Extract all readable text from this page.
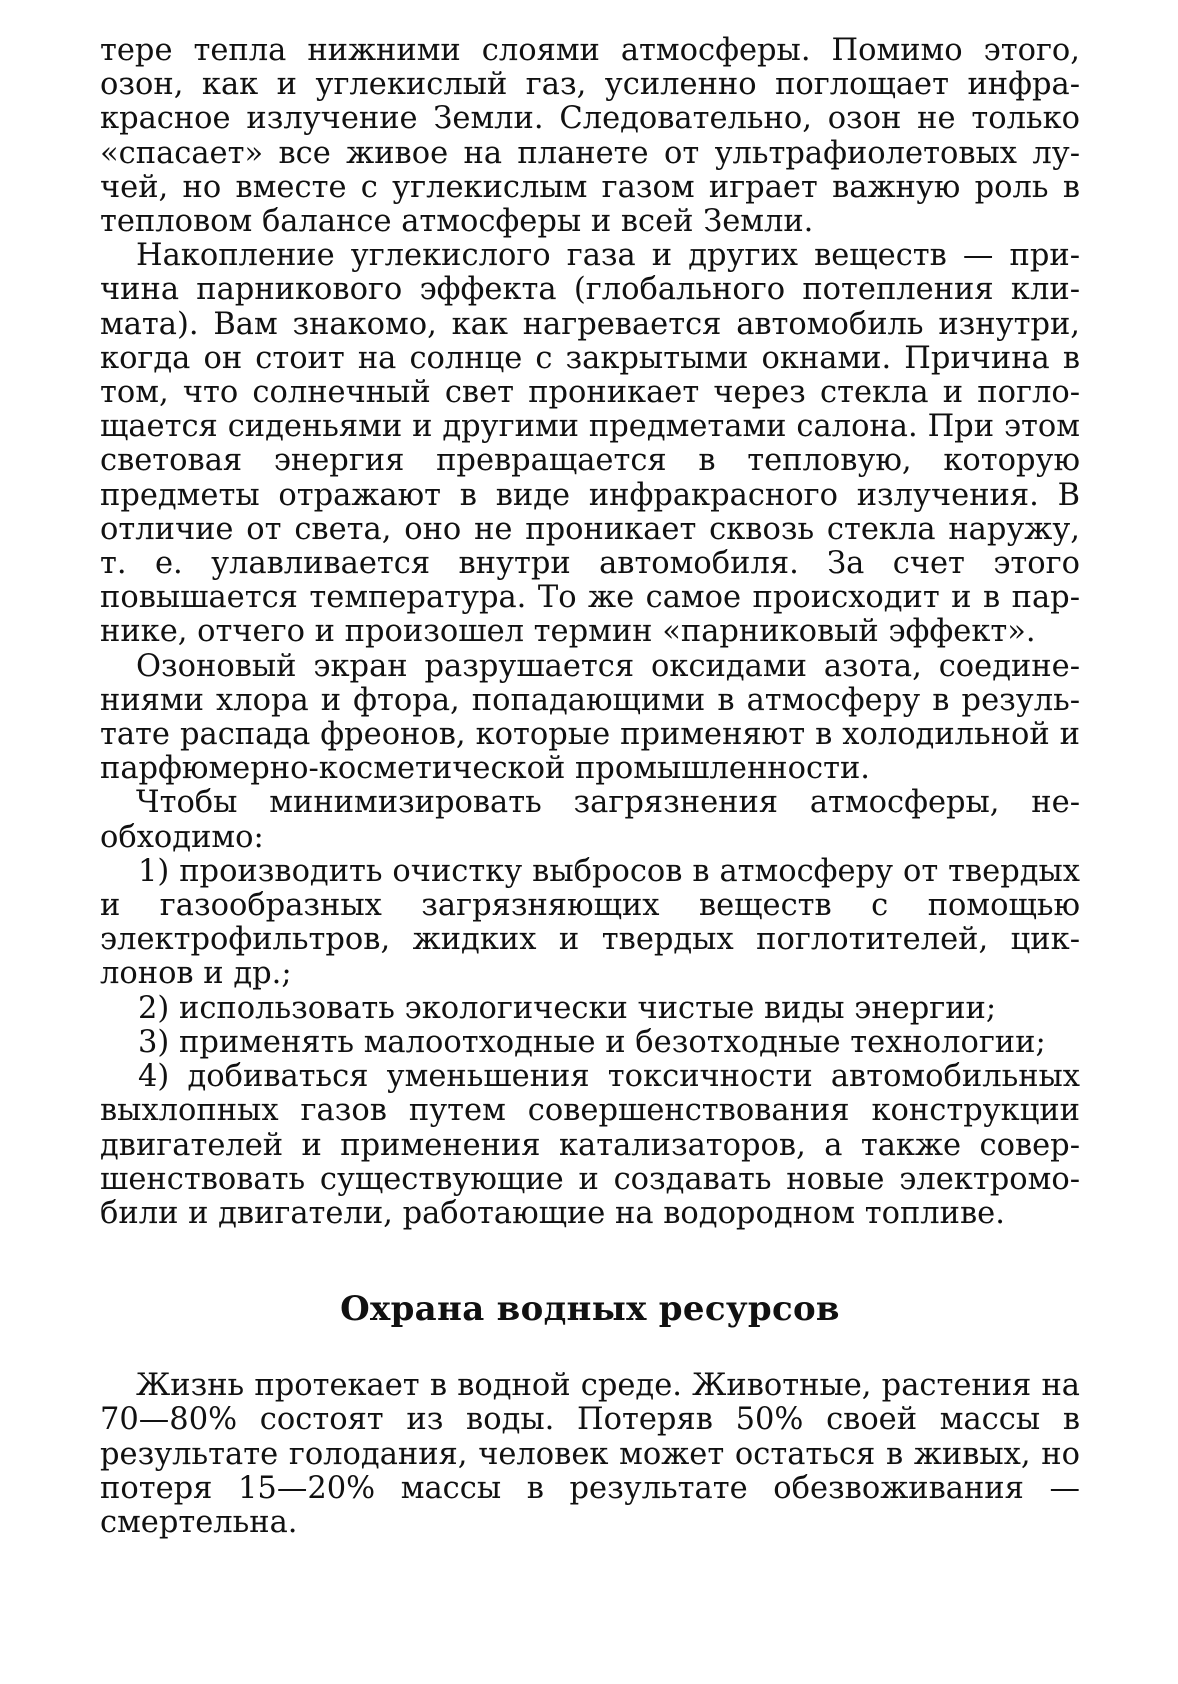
тере тепла нижними слоями атмосферы. Помимо этого, озон, как и углекислый газ, усиленно поглощает инфракрасное излучение Земли. Следовательно, озон не только «спасает» все живое на планете от ультрафиолетовых лучей, но вместе с углекислым газом играет важную роль в тепловом балансе атмосферы и всей Земли.

Накопление углекислого газа и других веществ — причина парникового эффекта (глобального потепления климата). Вам знакомо, как нагревается автомобиль изнутри, когда он стоит на солнце с закрытыми окнами. Причина в том, что солнечный свет проникает через стекла и поглощается сиденьями и другими предметами салона. При этом световая энергия превращается в тепловую, которую предметы отражают в виде инфракрасного излучения. В отличие от света, оно не проникает сквозь стекла наружу, т. е. улавливается внутри автомобиля. За счет этого повышается температура. То же самое происходит и в парнике, отчего и произошел термин «парниковый эффект».

Озоновый экран разрушается оксидами азота, соединениями хлора и фтора, попадающими в атмосферу в результате распада фреонов, которые применяют в холодильной и парфюмерно-косметической промышленности.

Чтобы минимизировать загрязнения атмосферы, необходимо:

1) производить очистку выбросов в атмосферу от твердых и газообразных загрязняющих веществ с помощью электрофильтров, жидких и твердых поглотителей, циклонов и др.;

2) использовать экологически чистые виды энергии;

3) применять малоотходные и безотходные технологии;

4) добиваться уменьшения токсичности автомобильных выхлопных газов путем совершенствования конструкции двигателей и применения катализаторов, а также совершенствовать существующие и создавать новые электромобили и двигатели, работающие на водородном топливе.

Охрана водных ресурсов

Жизнь протекает в водной среде. Животные, растения на 70—80% состоят из воды. Потеряв 50% своей массы в результате голодания, человек может остаться в живых, но потеря 15—20% массы в результате обезвоживания — смертельна.
